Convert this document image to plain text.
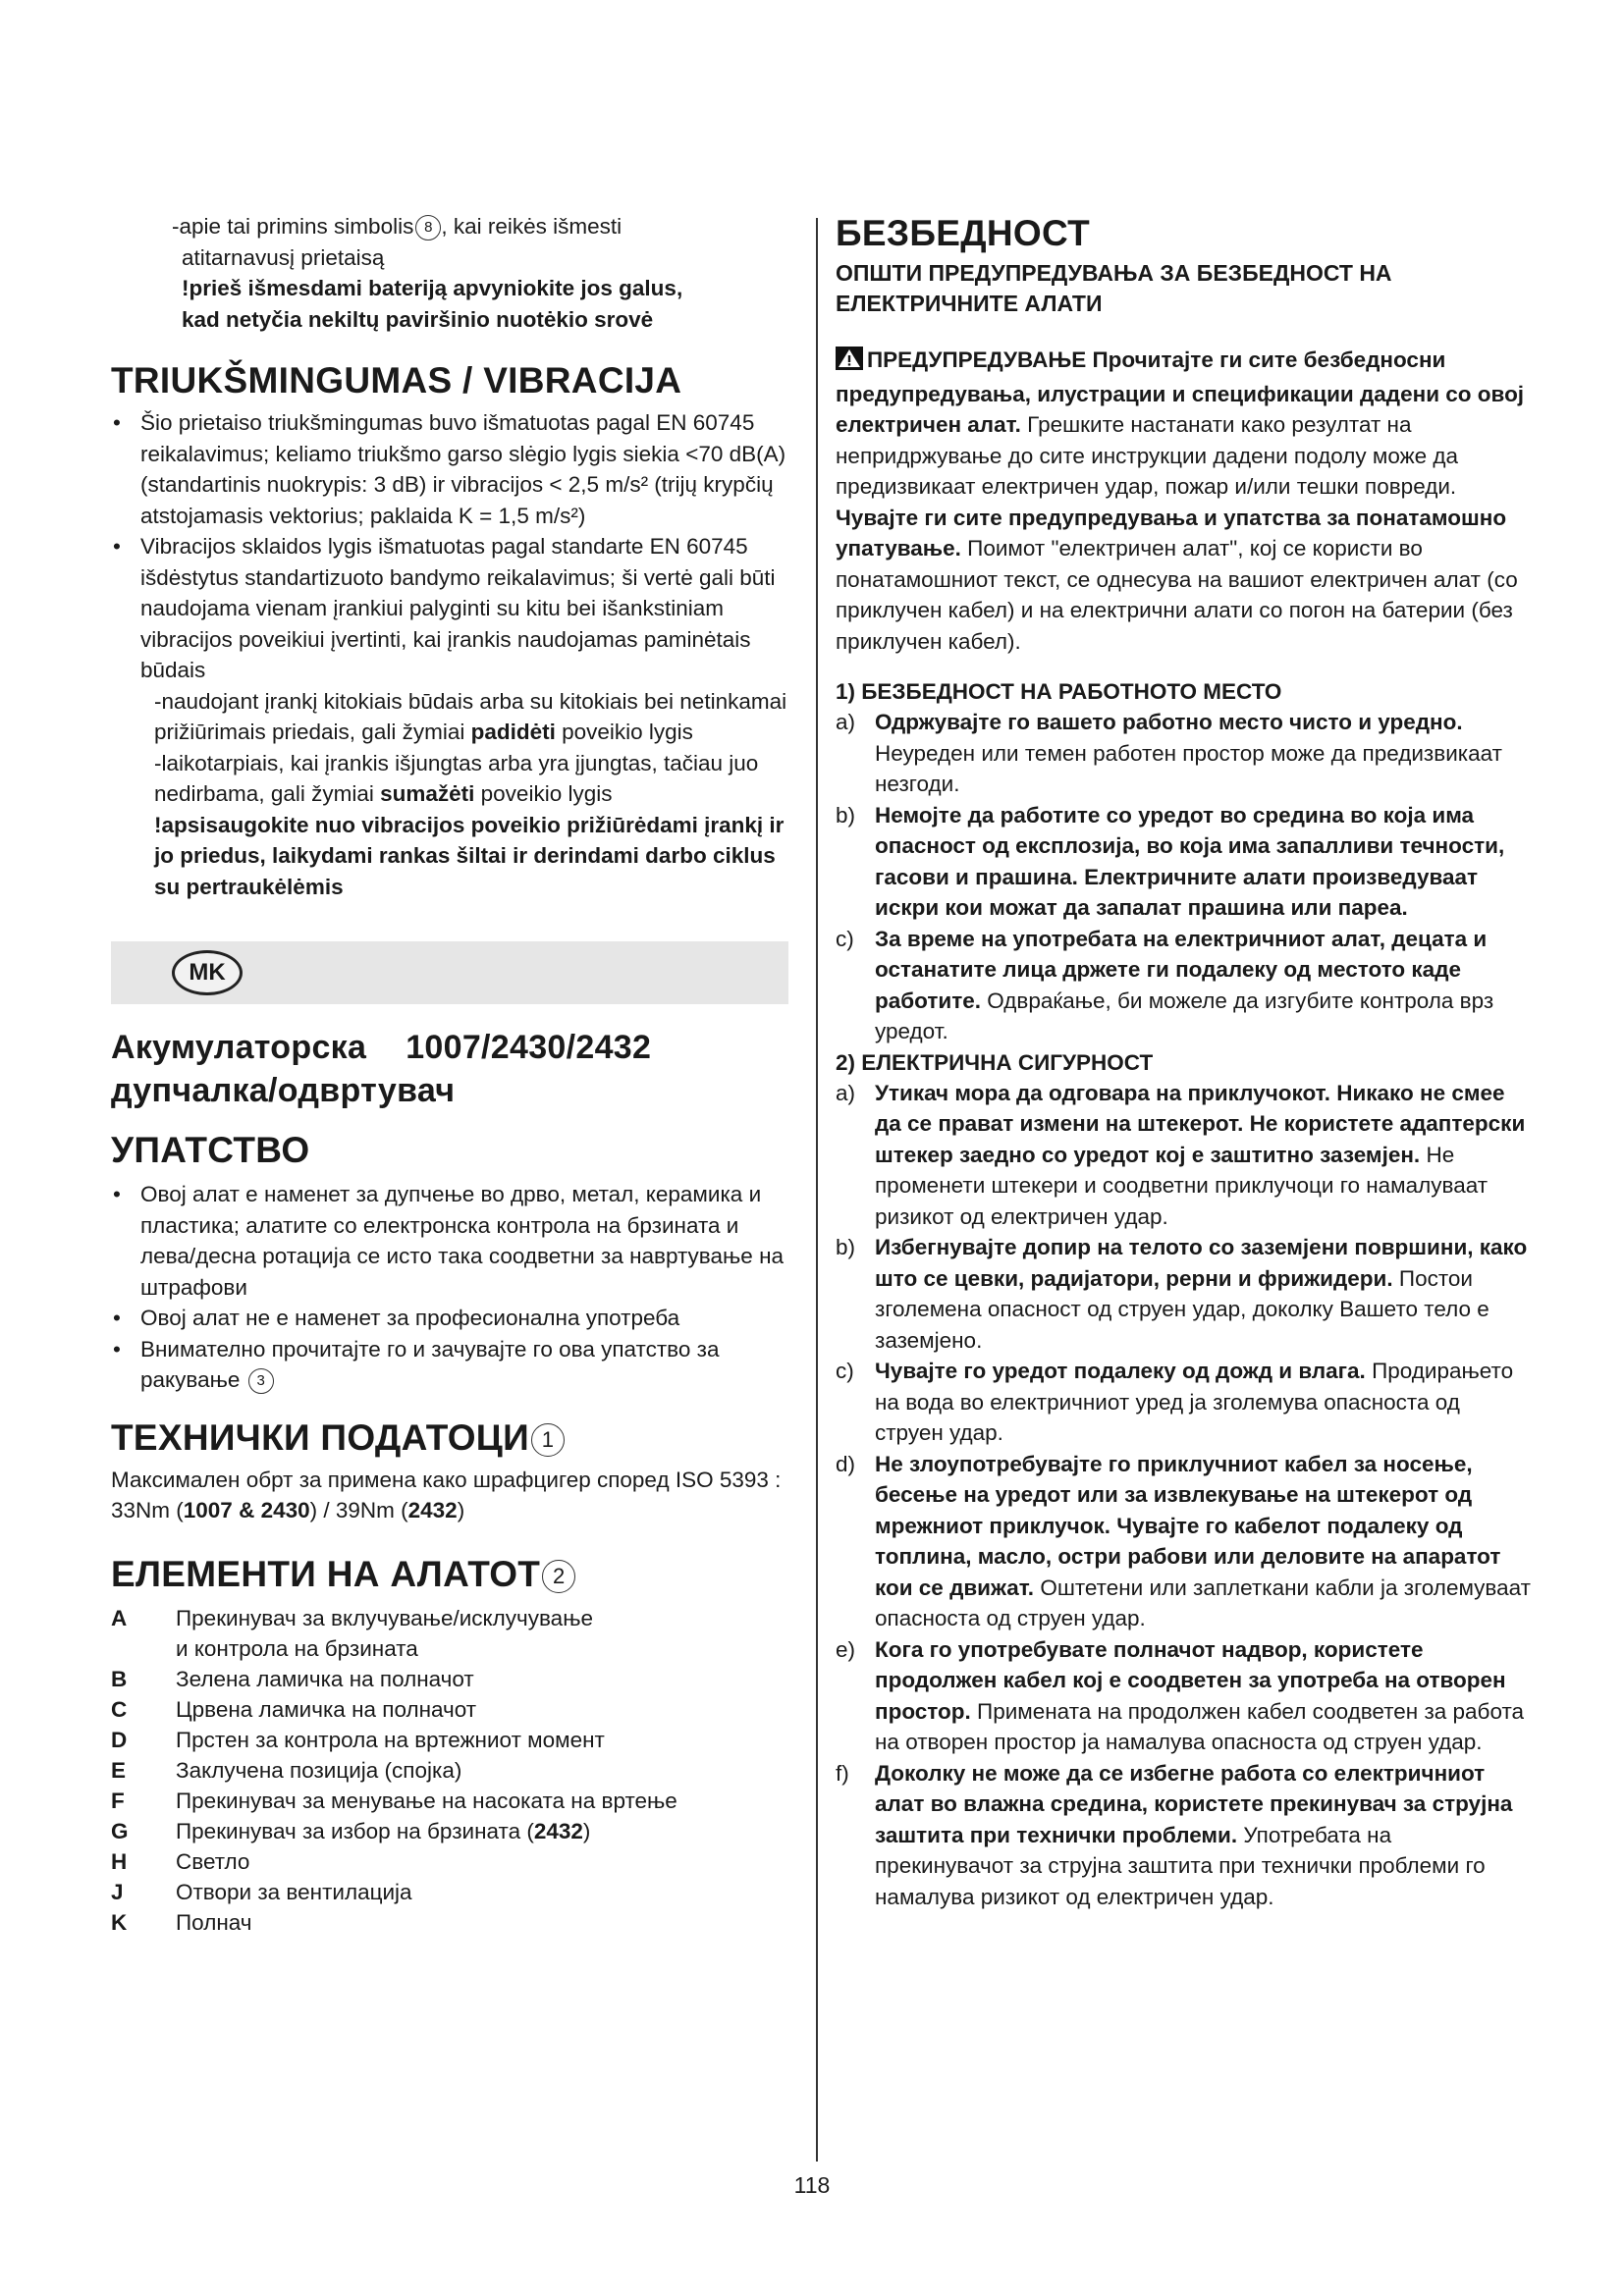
-apie tai primins simbolis 8 , kai reikės išmesti

atitarnavusį prietaisą

!prieš išmesdami bateriją apvyniokite jos galus,

kad netyčia nekiltų paviršinio nuotėkio srovė

TRIUKŠMINGUMAS / VIBRACIJA
• Šio prietaiso triukšmingumas buvo išmatuotas pagal EN 60745 reikalavimus; keliamo triukšmo garso slėgio lygis siekia <70 dB(A) (standartinis nuokrypis: 3 dB) ir vibracijos < 2,5 m/s² (trijų krypčių atstojamasis vektorius; paklaida K = 1,5 m/s²)
• Vibracijos sklaidos lygis išmatuotas pagal standarte EN 60745 išdėstytus standartizuoto bandymo reikalavimus; ši vertė gali būti naudojama vienam įrankiui palyginti su kitu bei išankstiniam vibracijos poveikiui įvertinti, kai įrankis naudojamas paminėtais būdais
-naudojant įrankį kitokiais būdais arba su kitokiais bei netinkamai prižiūrimais priedais, gali žymiai padidėti poveikio lygis
-laikotarpiais, kai įrankis išjungtas arba yra įjungtas, tačiau juo nedirbama, gali žymiai sumažėti poveikio lygis
!apsisaugokite nuo vibracijos poveikio prižiūrėdami įrankį ir jo priedus, laikydami rankas šiltai ir derindami darbo ciklus su pertraukėlėmis
MK
Акумулаторска 1007/2430/2432
дупчалка/одвртувач
УПАТСТВО
• Овој алат е наменет за дупчење во дрво, метал, керамика и пластика; алатите со електронска контрола на брзината и лева/десна ротација се исто така соодветни за навртување на штрафови
• Овој алат не е наменет за професионална употреба
• Внимателно прочитајте го и зачувајте го ова упатство за ракување 3
ТЕХНИЧКИ ПОДАТОЦИ 1

Максимален обрт за примена како шрафцигер според ISO 5393 : 33Nm (1007 & 2430) / 39Nm (2432)

ЕЛЕМЕНТИ НА АЛАТОТ 2
A	Прекинувач за вклучување/исклучување
и контрола на брзината
B	Зелена ламичка на полначот
C	Црвена ламичка на полначот
D	Прстен за контрола на вртежниот момент
E	Заклучена позиција (спојка)
F	Прекинувач за менување на насоката на вртење
G	Прекинувач за избор на брзината (2432)
H	Светло
J	Отвори за вентилација
K	Полнач
БЕЗБЕДНОСТ
ОПШТИ ПРЕДУПРЕДУВАЊА ЗА БЕЗБЕДНОСТ НА ЕЛЕКТРИЧНИТЕ АЛАТИ

ПРЕДУПРЕДУВАЊЕ Прочитајте ги сите безбедносни предупредувања, илустрации и спецификации дадени со овој електричен алат. Грешките настанати како резултат на непридржување до сите инструкции дадени подолу може да предизвикаат електричен удар, пожар и/или тешки повреди. Чувајте ги сите предупредувања и упатства за понатамошно упатување. Поимот "електричен алат", кој се користи во понатамошниот текст, се однесува на вашиот електричен алат (со приклучен кабел) и на електрични алати со погон на батерии (без приклучен кабел).

1) БЕЗБЕДНОСТ НА РАБОТНОТО МЕСТО
a) Одржувајте го вашето работно место чисто и уредно. Неуреден или темен работен простор може да предизвикаат незгоди.
b) Немојте да работите со уредот во средина во која има опасност од експлозија, во која има запалливи течности, гасови и прашина. Електричните алати произведуваат искри кои можат да запалат прашина или пареа.
c) За време на употребата на електричниот алат, децата и останатите лица држете ги подалеку од местото каде работите. Одвраќање, би можеле да изгубите контрола врз уредот.
2) ЕЛЕКТРИЧНА СИГУРНОСТ
a) Утикач мора да одговара на приклучокот. Никако не смее да се прават измени на штекерот. Не користете адаптерски штекер заедно со уредот кој е заштитно заземјен. Не променети штекери и соодветни приклучоци го намалуваат ризикот од електричен удар.
b) Избегнувајте допир на телото со заземјени површини, како што се цевки, радијатори, рерни и фрижидери. Постои зголемена опасност од струен удар, доколку Вашето тело е заземјено.
c) Чувајте го уредот подалеку од дожд и влага. Продирањето на вода во електричниот уред ја зголемува опасноста од струен удар.
d) Не злоупотребувајте го приклучниот кабел за носење, бесење на уредот или за извлекување на штекерот од мрежниот приклучок. Чувајте го кабелот подалеку од топлина, масло, остри рабови или деловите на апаратот кои се движат. Оштетени или заплеткани кабли ја зголемуваат опасноста од струен удар.
e) Кога го употребувате полначот надвор, користете продолжен кабел кој е соодветен за употреба на отворен простор. Примената на продолжен кабел соодветен за работа на отворен простор ја намалува опасноста од струен удар.
f) Доколку не може да се избегне работа со електричниот алат во влажна средина, користете прекинувач за струјна заштита при технички проблеми. Употребата на прекинувачот за струјна заштита при технички проблеми го намалува ризикот од електричен удар.
118
